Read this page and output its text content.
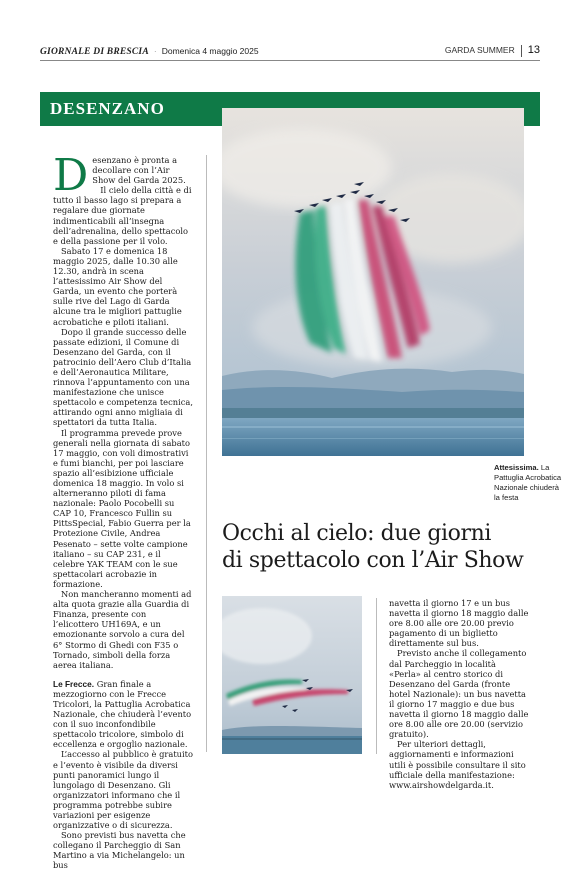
GIORNALE DI BRESCIA · Domenica 4 maggio 2025	GARDA SUMMER 13
DESENZANO
D esenzano è pronta a decollare con l’Air Show del Garda 2025.

Il cielo della città e di tutto il basso lago si prepara a regalare due giornate indimenticabili all’insegna dell’adrenalina, dello spettacolo e della passione per il volo.

Sabato 17 e domenica 18 maggio 2025, dalle 10.30 alle 12.30, andrà in scena l’attesissimo Air Show del Garda, un evento che porterà sulle rive del Lago di Garda alcune tra le migliori pattuglie acrobatiche e piloti italiani.

Dopo il grande successo delle passate edizioni, il Comune di Desenzano del Garda, con il patrocinio dell’Aero Club d’Italia e dell’Aeronautica Militare, rinnova l’appuntamento con una manifestazione che unisce spettacolo e competenza tecnica, attirando ogni anno migliaia di spettatori da tutta Italia.

Il programma prevede prove generali nella giornata di sabato 17 maggio, con voli dimostrativi e fumi bianchi, per poi lasciare spazio all’esibizione ufficiale domenica 18 maggio. In volo si alterneranno piloti di fama nazionale: Paolo Pocobelli su CAP 10, Francesco Fullin su PittsSpecial, Fabio Guerra per la Protezione Civile, Andrea Pesenato – sette volte campione italiano – su CAP 231, e il celebre YAK TEAM con le sue spettacolari acrobazie in formazione.

Non mancheranno momenti ad alta quota grazie alla Guardia di Finanza, presente con l’elicottero UH169A, e un emozionante sorvolo a cura del 6° Stormo di Ghedi con F35 o Tornado, simboli della forza aerea italiana.

Le Frecce. Gran finale a mezzogiorno con le Frecce Tricolori, la Pattuglia Acrobatica Nazionale, che chiuderà l’evento con il suo inconfondibile spettacolo tricolore, simbolo di eccellenza e orgoglio nazionale.

L’accesso al pubblico è gratuito e l’evento è visibile da diversi punti panoramici lungo il lungolago di Desenzano. Gli organizzatori informano che il programma potrebbe subire variazioni per esigenze organizzative o di sicurezza.

Sono previsti bus navetta che collegano il Parcheggio di San Martino a via Michelangelo: un bus

Attesissima. La Pattuglia Acrobatica Nazionale chiuderà la festa
Occhi al cielo: due giorni
di spettacolo con l’Air Show

navetta il giorno 17 e un bus navetta il giorno 18 maggio dalle ore 8.00 alle ore 20.00 previo pagamento di un biglietto direttamente sul bus.

Previsto anche il collegamento dal Parcheggio in località «Perla» al centro storico di Desenzano del Garda (fronte hotel Nazionale): un bus navetta il giorno 17 maggio e due bus navetta il giorno 18 maggio dalle ore 8.00 alle ore 20.00 (servizio gratuito).

Per ulteriori dettagli, aggiornamenti e informazioni utili è possibile consultare il sito ufficiale della manifestazione: www.airshowdelgarda.it.
